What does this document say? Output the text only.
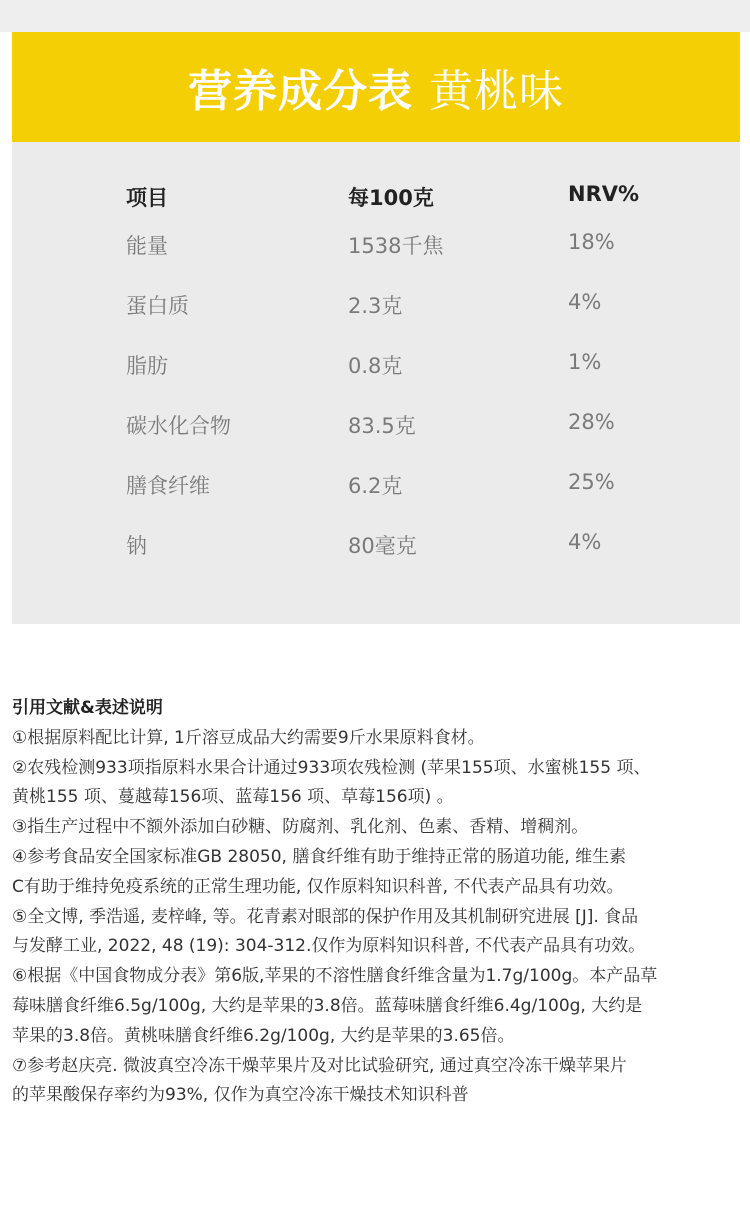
营养成分表 黄桃味
项目	每100克	NRV%
能量	1538千焦	18%
蛋白质	2.3克	4%
脂肪	0.8克	1%
碳水化合物	83.5克	28%
膳食纤维	6.2克	25%
钠	80毫克	4%

引用文献&表述说明

①根据原料配比计算, 1斤溶豆成品大约需要9斤水果原料食材。

②农残检测933项指原料水果合计通过933项农残检测 (苹果155项、水蜜桃155 项、

黄桃155 项、蔓越莓156项、蓝莓156 项、草莓156项) 。

③指生产过程中不额外添加白砂糖、防腐剂、乳化剂、色素、香精、增稠剂。

④参考食品安全国家标准GB 28050, 膳食纤维有助于维持正常的肠道功能, 维生素

C有助于维持免疫系统的正常生理功能, 仅作原料知识科普, 不代表产品具有功效。

⑤全文博, 季浩遥, 麦梓峰, 等。花青素对眼部的保护作用及其机制研究进展 [J]. 食品

与发酵工业, 2022, 48 (19): 304-312.仅作为原料知识科普, 不代表产品具有功效。

⑥根据《中国食物成分表》第6版,苹果的不溶性膳食纤维含量为1.7g/100g。本产品草

莓味膳食纤维6.5g/100g, 大约是苹果的3.8倍。蓝莓味膳食纤维6.4g/100g, 大约是

苹果的3.8倍。黄桃味膳食纤维6.2g/100g, 大约是苹果的3.65倍。

⑦参考赵庆亮. 微波真空冷冻干燥苹果片及对比试验研究, 通过真空冷冻干燥苹果片

的苹果酸保存率约为93%, 仅作为真空冷冻干燥技术知识科普
